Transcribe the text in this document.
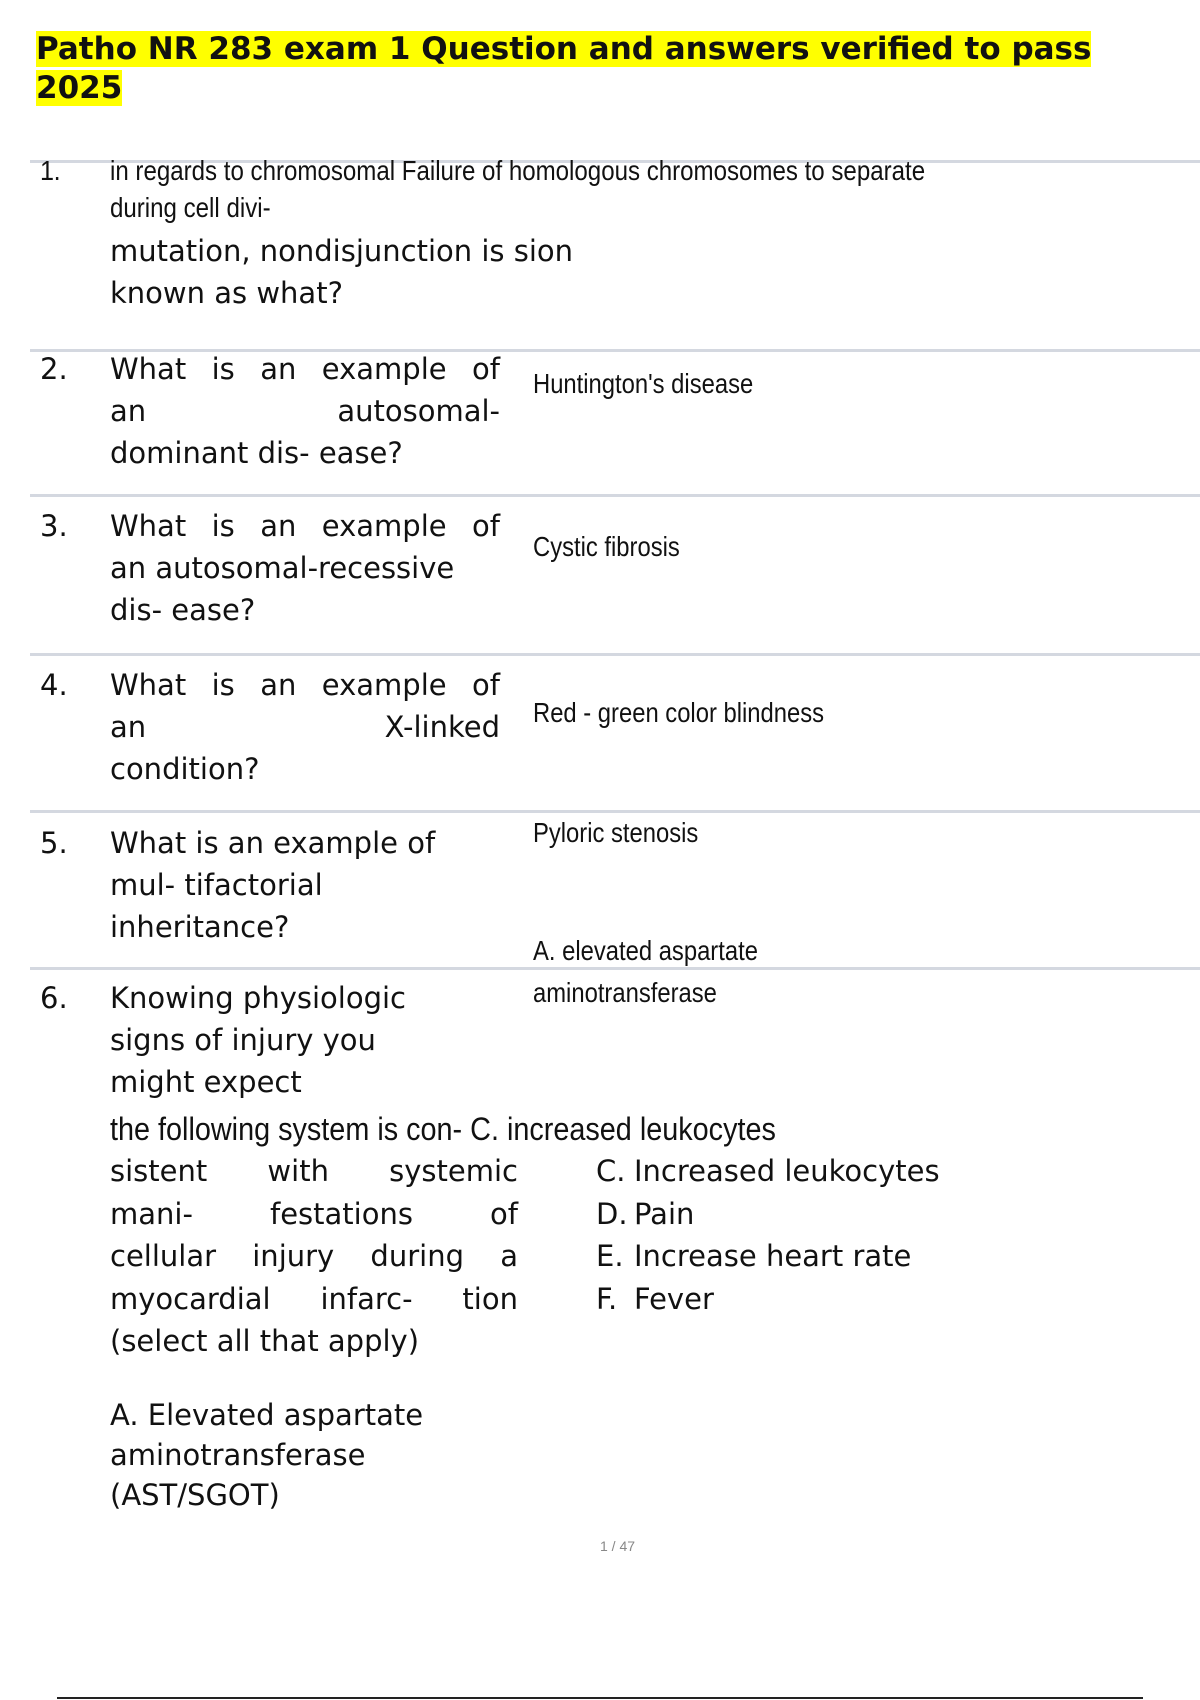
Patho NR 283 exam 1 Question and answers verified to pass 2025
1. in regards to chromosomal Failure of homologous chromosomes to separate
during cell divi-
mutation, nondisjunction is sion
known as what?
2. What is an example of
an autosomal-
dominant dis- ease?
Huntington's disease
3. What is an example of
an autosomal-recessive
dis- ease?
Cystic fibrosis
4. What is an example of
an X-linked
condition?
Red - green color blindness
5. What is an example of
mul- tifactorial
inheritance?
Pyloric stenosis
A. elevated aspartate
6. Knowing physiologic
signs of injury you
might expect
aminotransferase
the following system is con- C. increased leukocytes
sistent with systemic
mani- festations of
cellular injury during a
myocardial infarc- tion
(select all that apply)
C. Increased leukocytes
D. Pain
E. Increase heart rate
F. Fever
A. Elevated aspartate
aminotransferase
(AST/SGOT)
1 / 47
